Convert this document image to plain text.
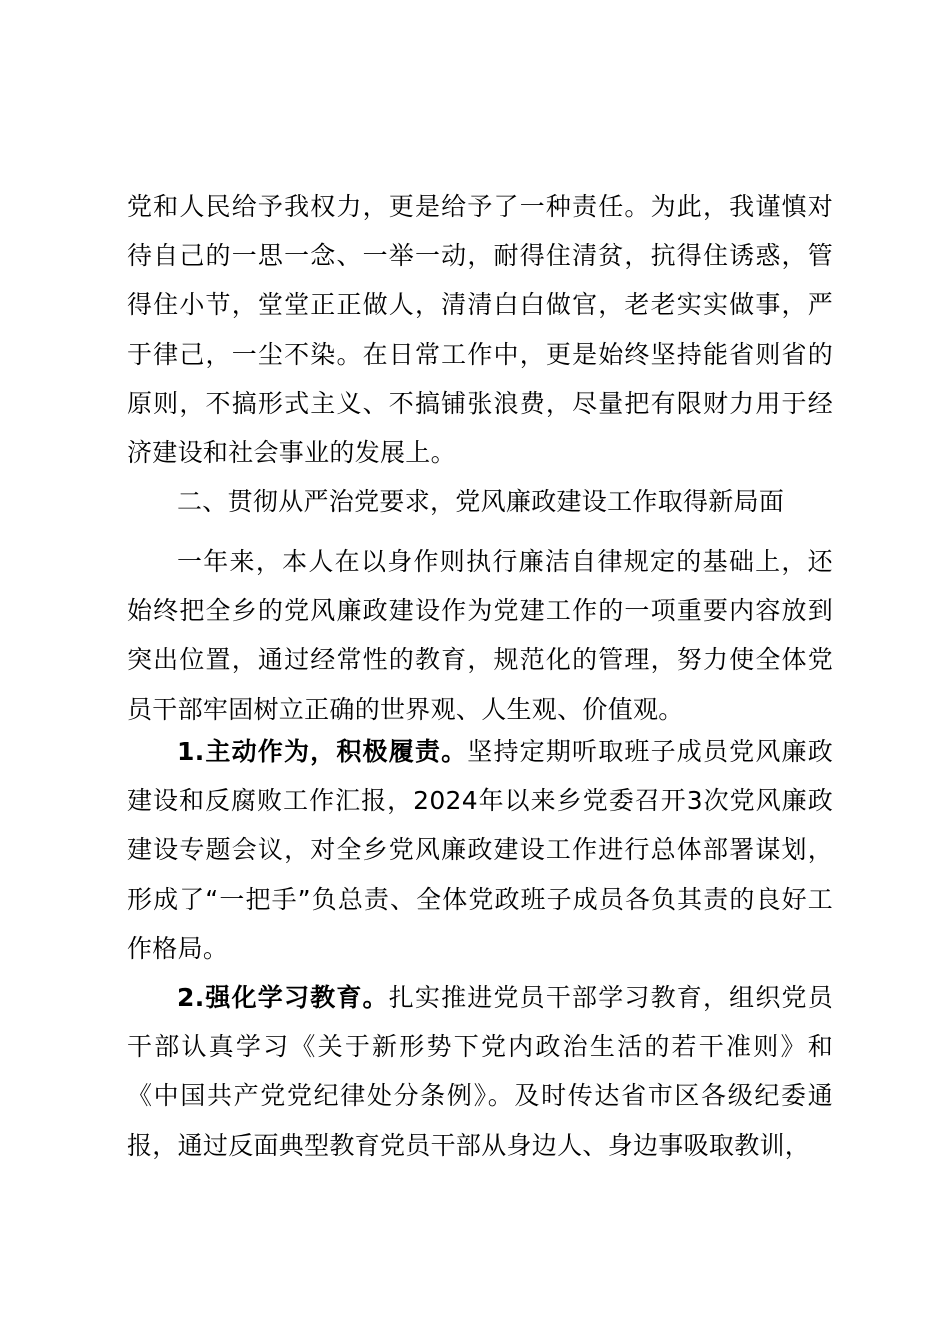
党和人民给予我权力，更是给予了一种责任。为此，我谨慎对待自己的一思一念、一举一动，耐得住清贫，抗得住诱惑，管得住小节，堂堂正正做人，清清白白做官，老老实实做事，严于律己，一尘不染。在日常工作中，更是始终坚持能省则省的原则，不搞形式主义、不搞铺张浪费，尽量把有限财力用于经济建设和社会事业的发展上。

二、贯彻从严治党要求，党风廉政建设工作取得新局面

一年来，本人在以身作则执行廉洁自律规定的基础上，还始终把全乡的党风廉政建设作为党建工作的一项重要内容放到突出位置，通过经常性的教育，规范化的管理，努力使全体党员干部牢固树立正确的世界观、人生观、价值观。

1.主动作为，积极履责。坚持定期听取班子成员党风廉政建设和反腐败工作汇报，2024年以来乡党委召开3次党风廉政建设专题会议，对全乡党风廉政建设工作进行总体部署谋划，形成了“一把手”负总责、全体党政班子成员各负其责的良好工作格局。

2.强化学习教育。扎实推进党员干部学习教育，组织党员干部认真学习《关于新形势下党内政治生活的若干准则》和《中国共产党党纪律处分条例》。及时传达省市区各级纪委通报，通过反面典型教育党员干部从身边人、身边事吸取教训，
